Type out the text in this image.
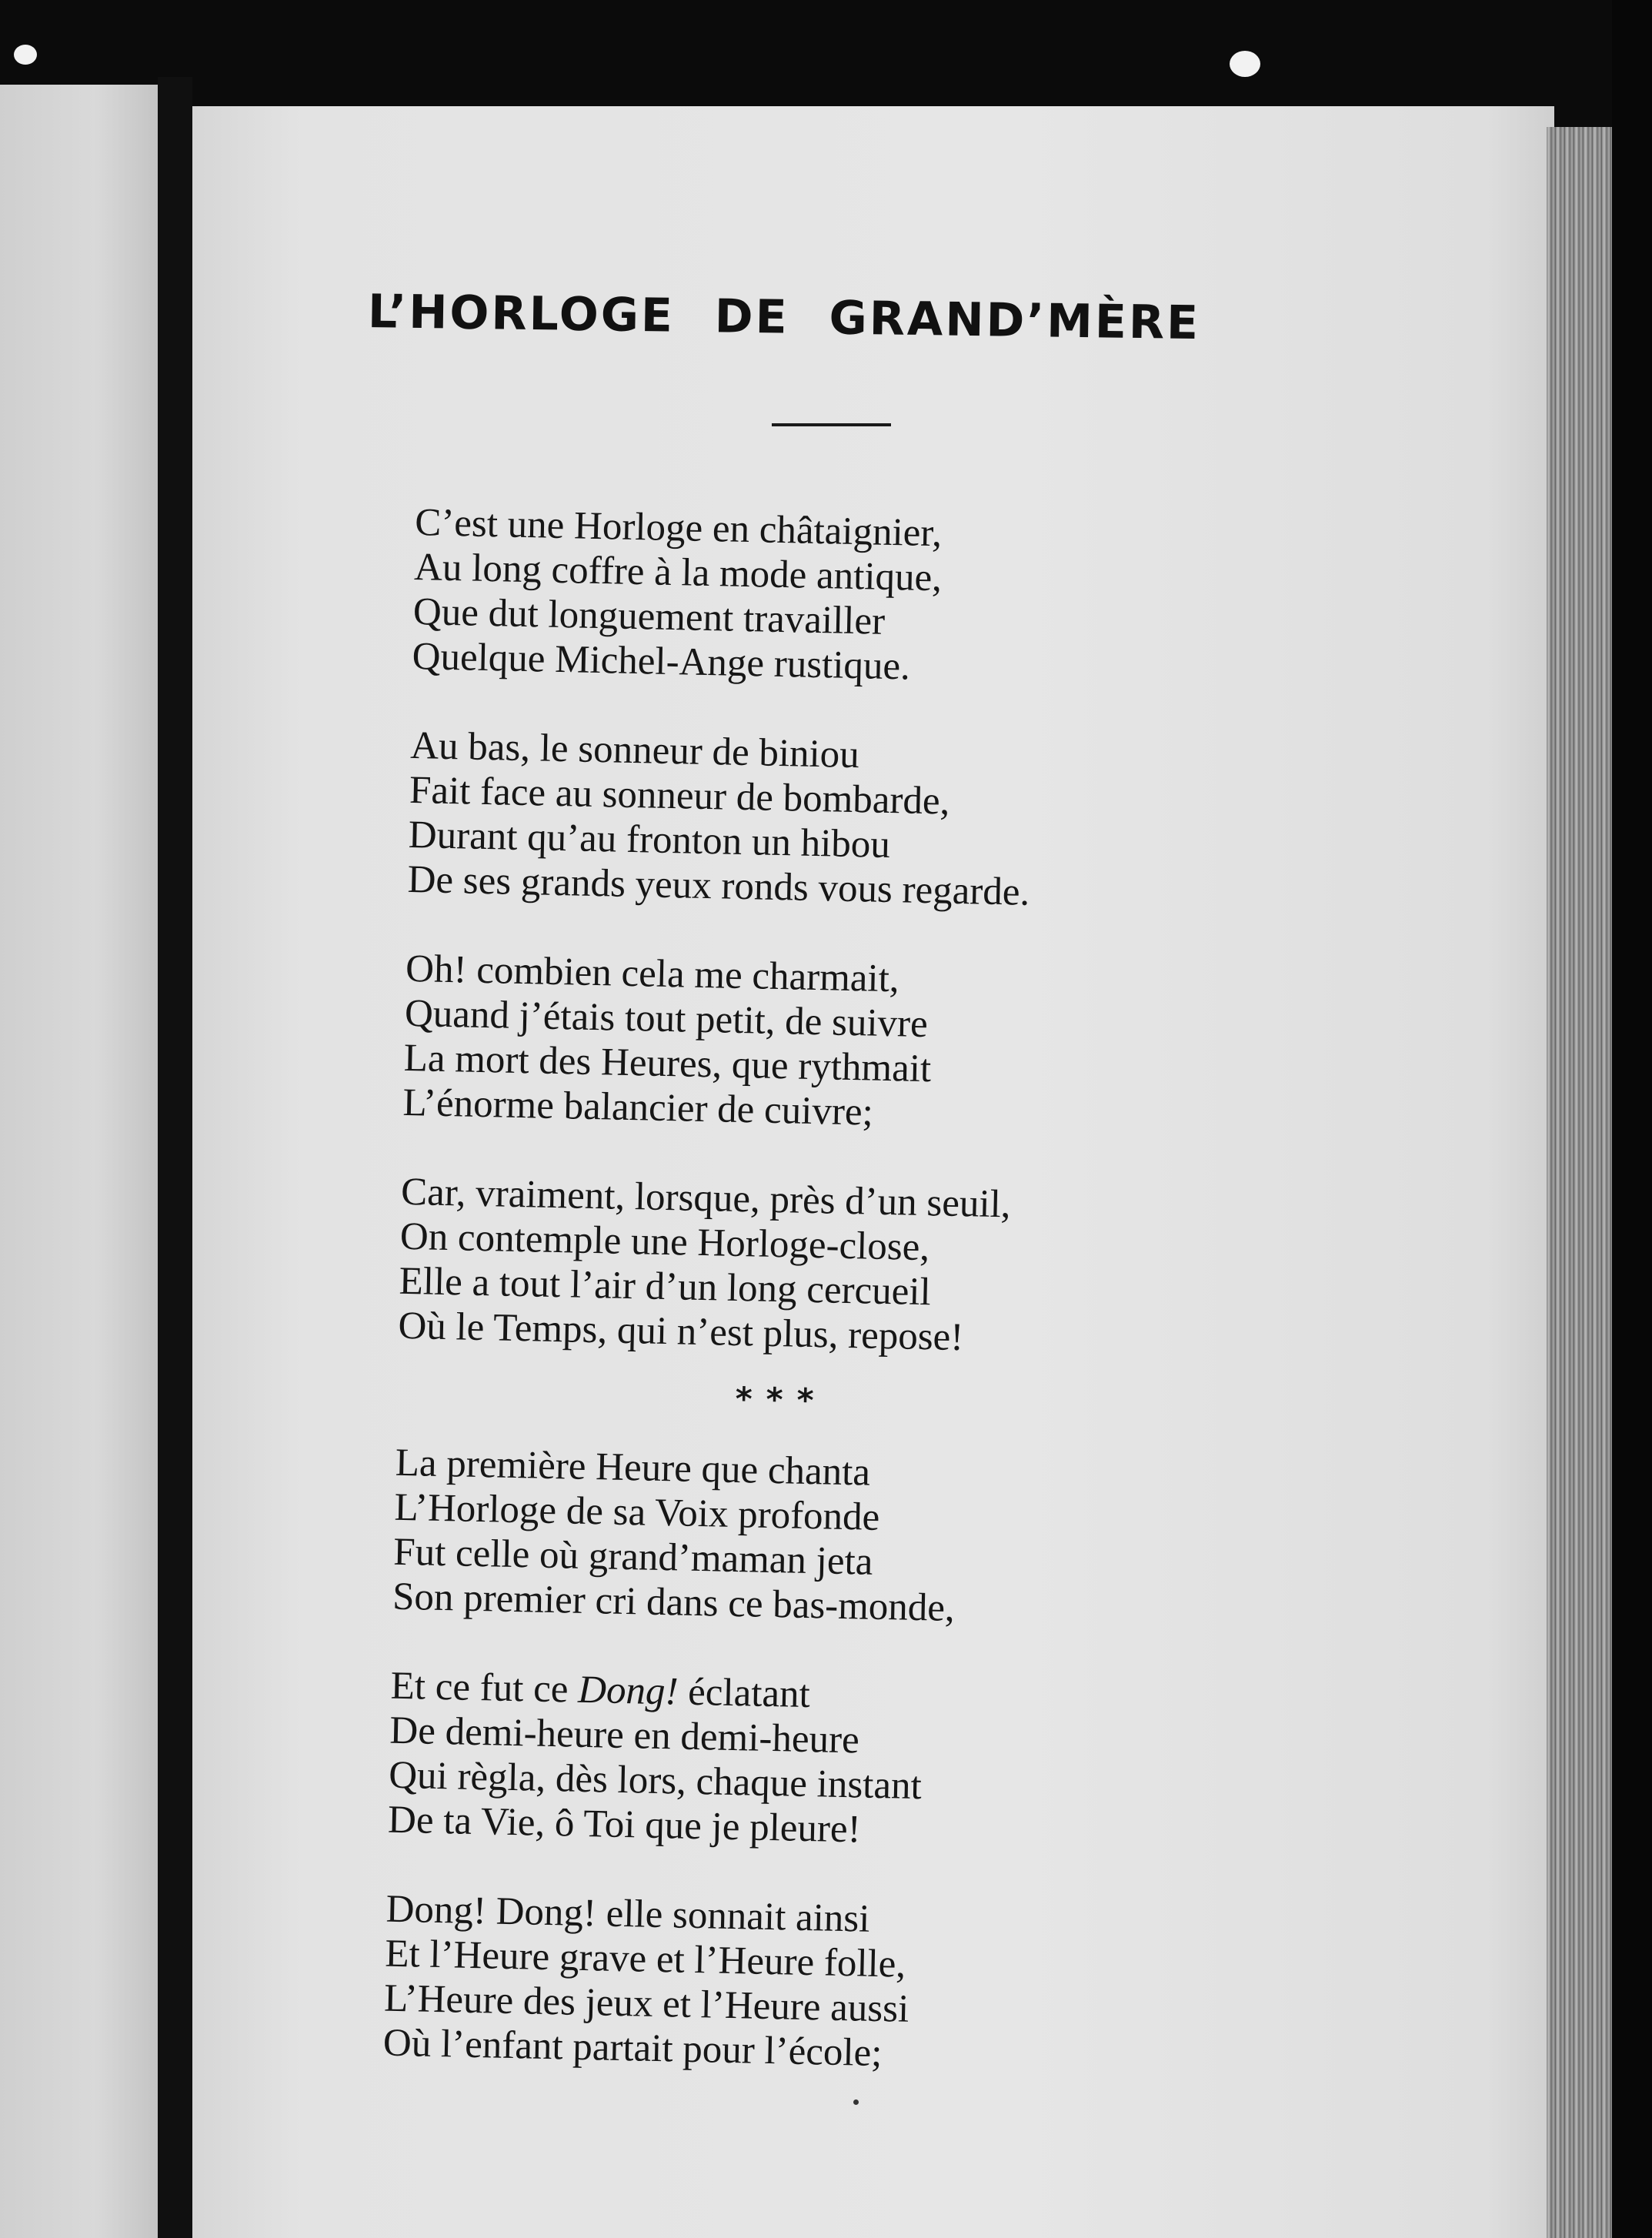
L’HORLOGE DE GRAND’MÈRE
C’est une Horloge en châtaignier,
Au long coffre à la mode antique,
Que dut longuement travailler
Quelque Michel-Ange rustique.
Au bas, le sonneur de biniou
Fait face au sonneur de bombarde,
Durant qu’au fronton un hibou
De ses grands yeux ronds vous regarde.
Oh! combien cela me charmait,
Quand j’étais tout petit, de suivre
La mort des Heures, que rythmait
L’énorme balancier de cuivre;
Car, vraiment, lorsque, près d’un seuil,
On contemple une Horloge-close,
Elle a tout l’air d’un long cercueil
Où le Temps, qui n’est plus, repose!
***
La première Heure que chanta
L’Horloge de sa Voix profonde
Fut celle où grand’maman jeta
Son premier cri dans ce bas-monde,
Et ce fut ce Dong! éclatant
De demi-heure en demi-heure
Qui règla, dès lors, chaque instant
De ta Vie, ô Toi que je pleure!
Dong! Dong! elle sonnait ainsi
Et l’Heure grave et l’Heure folle,
L’Heure des jeux et l’Heure aussi
Où l’enfant partait pour l’école;
